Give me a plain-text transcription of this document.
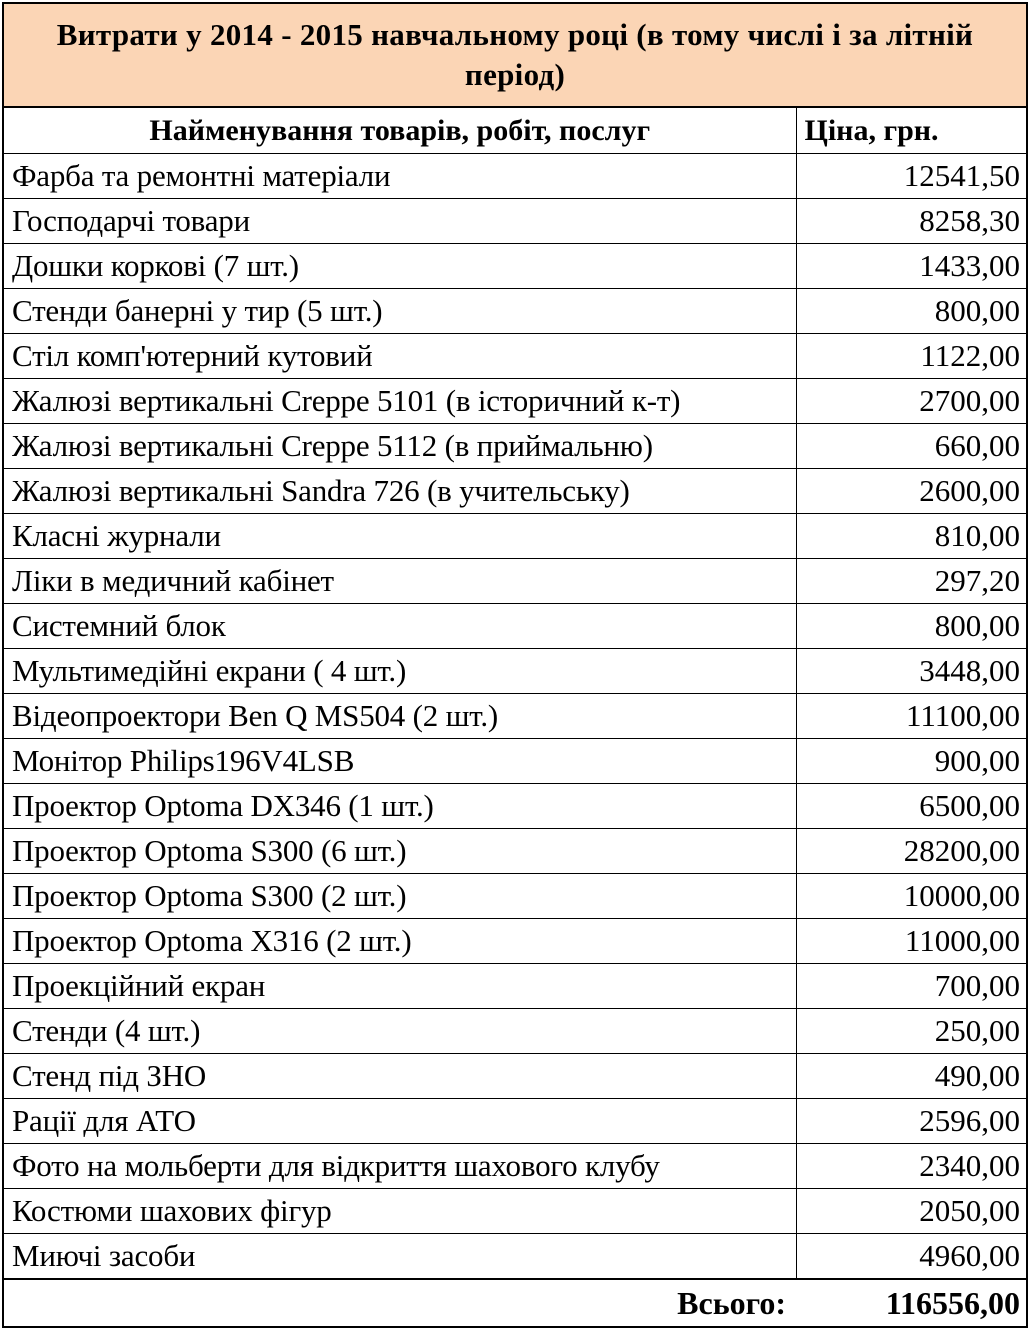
Витрати у 2014 - 2015 навчальному році (в тому числі і за літній період)
Найменування товарів, робіт, послуг	Ціна, грн.
Фарба та ремонтні матеріали	12541,50
Господарчі товари	8258,30
Дошки коркові (7 шт.)	1433,00
Стенди банерні у тир (5 шт.)	800,00
Стіл комп'ютерний кутовий	1122,00
Жалюзі вертикальні Creppe 5101 (в історичний к-т)	2700,00
Жалюзі вертикальні Creppe 5112 (в приймальню)	660,00
Жалюзі вертикальні Sandra 726 (в учительську)	2600,00
Класні журнали	810,00
Ліки в медичний кабінет	297,20
Системний блок	800,00
Мультимедійні екрани ( 4 шт.)	3448,00
Відеопроектори Ben Q MS504 (2 шт.)	11100,00
Монітор Philips196V4LSB	900,00
Проектор Optoma DX346 (1 шт.)	6500,00
Проектор Optoma S300 (6 шт.)	28200,00
Проектор Optoma S300 (2 шт.)	10000,00
Проектор Optoma X316 (2 шт.)	11000,00
Проекційний екран	700,00
Стенди (4 шт.)	250,00
Стенд під ЗНО	490,00
Рації для АТО	2596,00
Фото на мольберти для відкриття шахового клубу	2340,00
Костюми шахових фігур	2050,00
Миючі засоби	4960,00
Всього:	116556,00
